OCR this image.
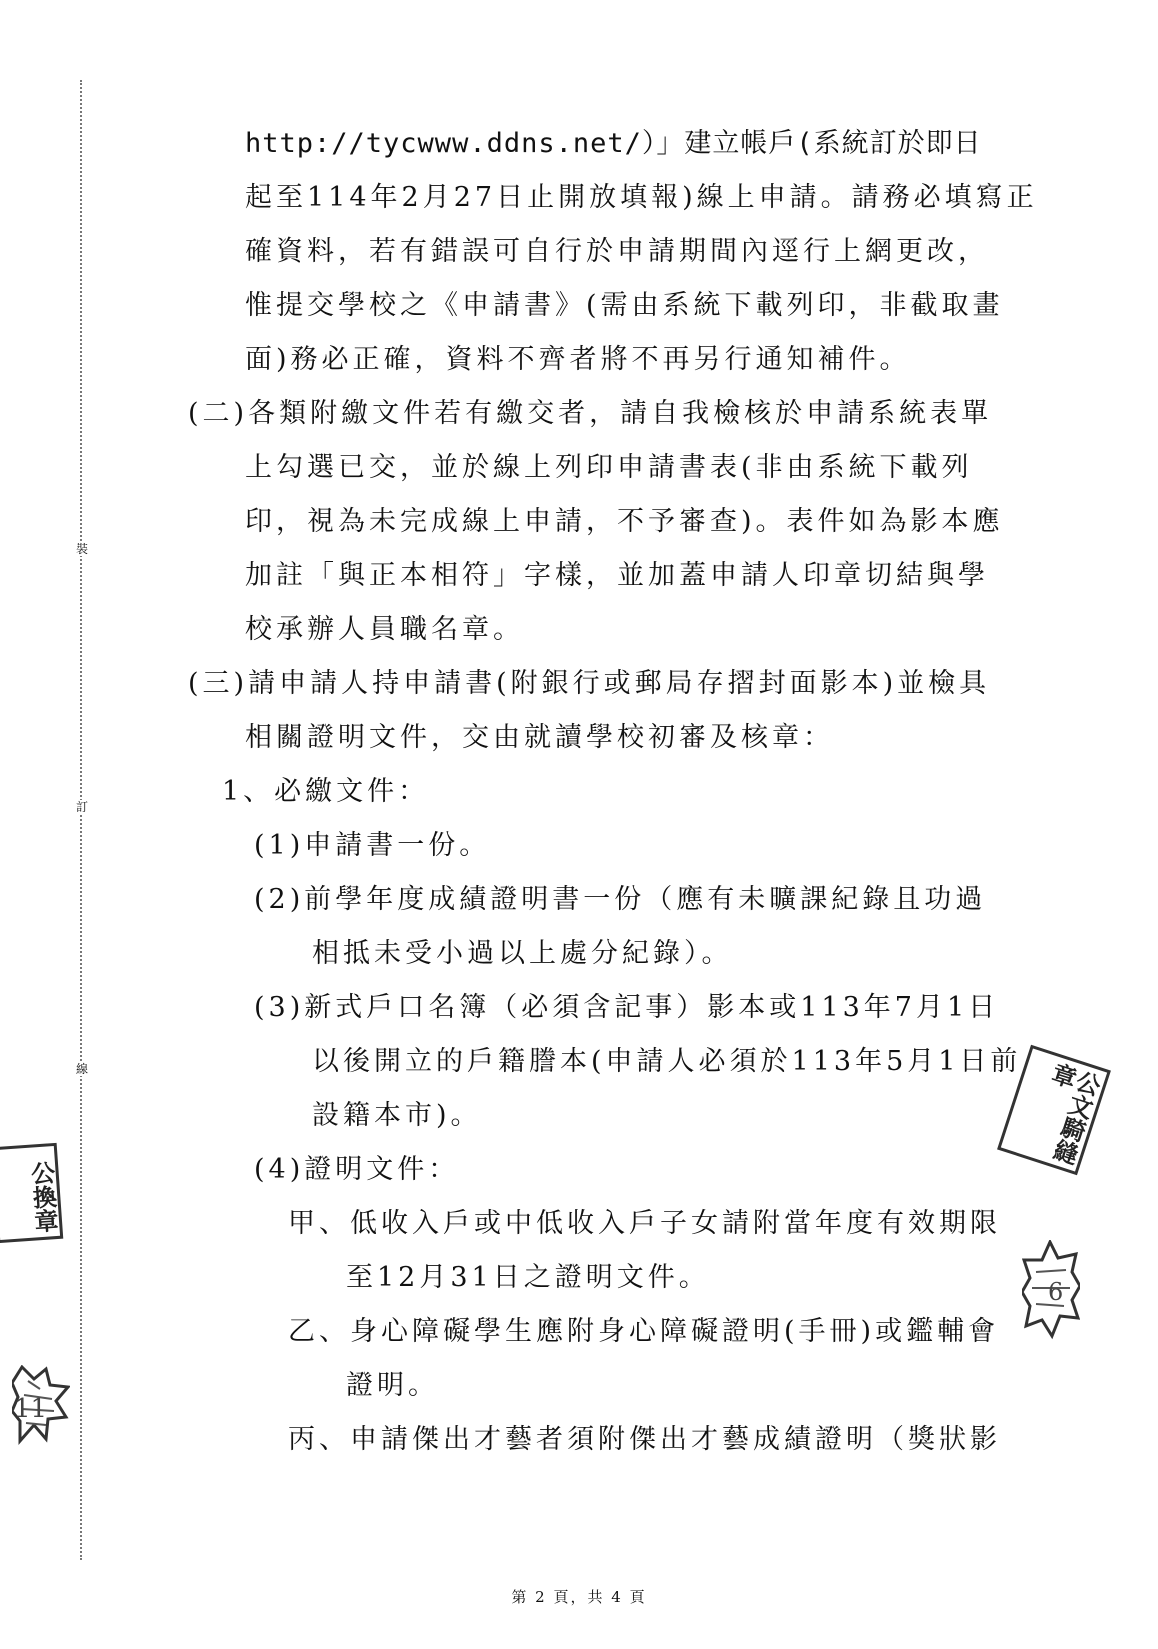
裝
訂
線
http://tycwww.ddns.net/）」建立帳戶(系統訂於即日
起至114年2月27日止開放填報)線上申請。請務必填寫正
確資料，若有錯誤可自行於申請期間內逕行上網更改，
惟提交學校之《申請書》(需由系統下載列印，非截取畫
面)務必正確，資料不齊者將不再另行通知補件。
(二)各類附繳文件若有繳交者，請自我檢核於申請系統表單
上勾選已交，並於線上列印申請書表(非由系統下載列
印，視為未完成線上申請，不予審查)。表件如為影本應
加註「與正本相符」字樣，並加蓋申請人印章切結與學
校承辦人員職名章。
(三)請申請人持申請書(附銀行或郵局存摺封面影本)並檢具
相關證明文件，交由就讀學校初審及核章：
1、必繳文件：
(1)申請書一份。
(2)前學年度成績證明書一份（應有未曠課紀錄且功過
相抵未受小過以上處分紀錄）。
(3)新式戶口名簿（必須含記事）影本或113年7月1日
以後開立的戶籍謄本(申請人必須於113年5月1日前
設籍本市)。
(4)證明文件：
甲、低收入戶或中低收入戶子女請附當年度有效期限
至12月31日之證明文件。
乙、身心障礙學生應附身心障礙證明(手冊)或鑑輔會
證明。
丙、申請傑出才藝者須附傑出才藝成績證明（獎狀影
公換章
11
公文騎縫章
6
第 2 頁，共 4 頁
